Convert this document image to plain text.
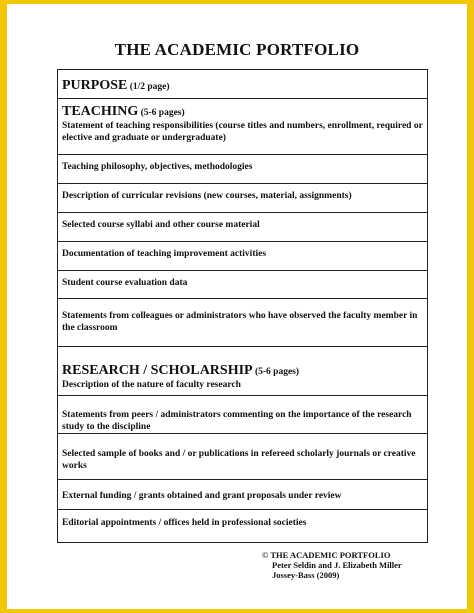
THE ACADEMIC PORTFOLIO
PURPOSE (1/2 page)
TEACHING (5-6 pages)
Statement of teaching responsibilities (course titles and numbers, enrollment, required or elective and graduate or undergraduate)
Teaching philosophy, objectives, methodologies
Description of curricular revisions (new courses, material, assignments)
Selected course syllabi and other course material
Documentation of teaching improvement activities
Student course evaluation data
Statements from colleagues or administrators who have observed the faculty member in the classroom
RESEARCH / SCHOLARSHIP (5-6 pages)
Description of the nature of faculty research
Statements from peers / administrators commenting on the importance of the research study to the discipline
Selected sample of books and / or publications in refereed scholarly journals or creative works
External funding / grants obtained and grant proposals under review
Editorial appointments / offices held in professional societies
© THE ACADEMIC PORTFOLIO
Peter Seldin and J. Elizabeth Miller
Jossey-Bass (2009)
